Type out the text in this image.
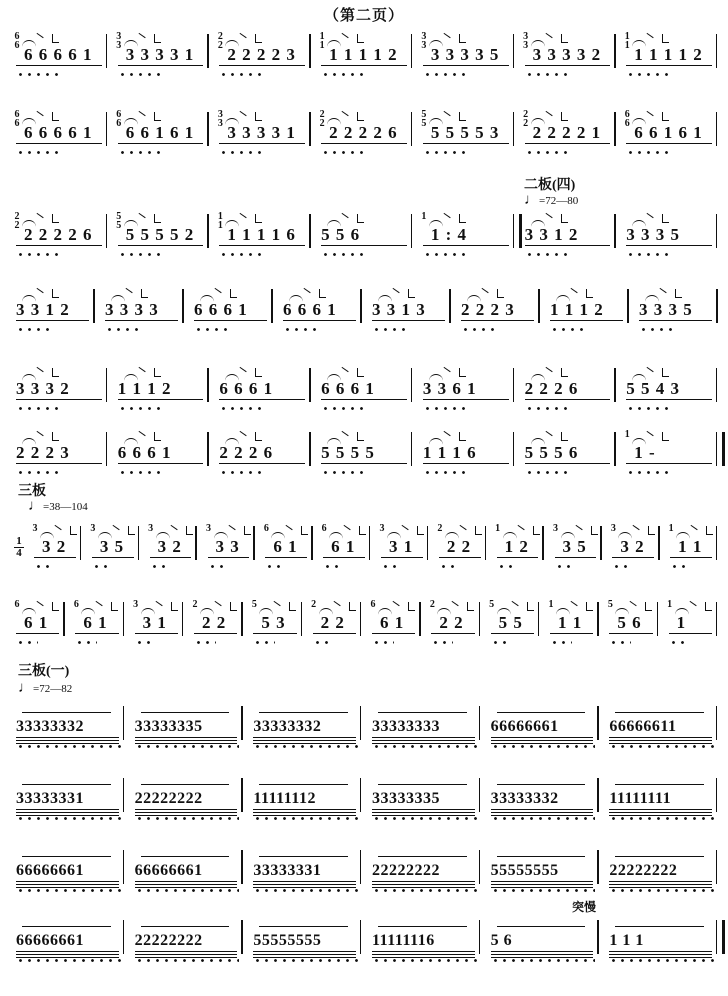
（第二页）
二板(四)
♩=72—80
三板
♩=38—104
$\frac{1}{4}$
三板(一)
♩=72—82
突慢
6
6 6 6 6 6 1
3
3 3 3 3 3 1
2
2 2 2 2 2 3
1
1 1 1 1 1 2
3
3 3 3 3 3 5
3
3 3 3 3 3 2
1
1 1 1 1 1 2
6
6 6 6 6 6 1
6
6 6 6 1 6 1
3
3 3 3 3 3 1
2
2 2 2 2 2 6
5
5 5 5 5 5 3
2
2 2 2 2 2 1
6
6 6 6 1 6 1
2
2 2 2 2 2 6
5
5 5 5 5 5 2
1
1 1 1 1 1 6	5 5 6
1
1 : 4	3 3 1 2	3 3 3 5
3 3 1 2	3 3 3 3	6 6 6 1	6 6 6 1	3 3 1 3	2 2 2 3	1 1 1 2	3 3 3 5
3 3 3 2	1 1 1 2	6 6 6 1	6 6 6 1	3 3 6 1	2 2 2 6	5 5 4 3
2 2 2 3	6 6 6 1	2 2 2 6	5 5 5 5	1 1 1 6	5 5 5 6
1
1 -
3
3 2
3
3 5
3
3 2
3
3 3
6
6 1
6
6 1
3
3 1
2
2 2
1
1 2
3
3 5
3
3 2
1
1 1
6
6 1
6
6 1
3
3 1
2
2 2
5
5 3
2
2 2
6
6 1
2
2 2
5
5 5
1
1 1
5
5 6
1
1
33333332	33333335	33333332	33333333	66666661	66666611
33333331	22222222	11111112	33333335	33333332	11111111
66666661	66666661	33333331	22222222	55555555	22222222
66666661	22222222	55555555	11111116	5 6	1 1 1
